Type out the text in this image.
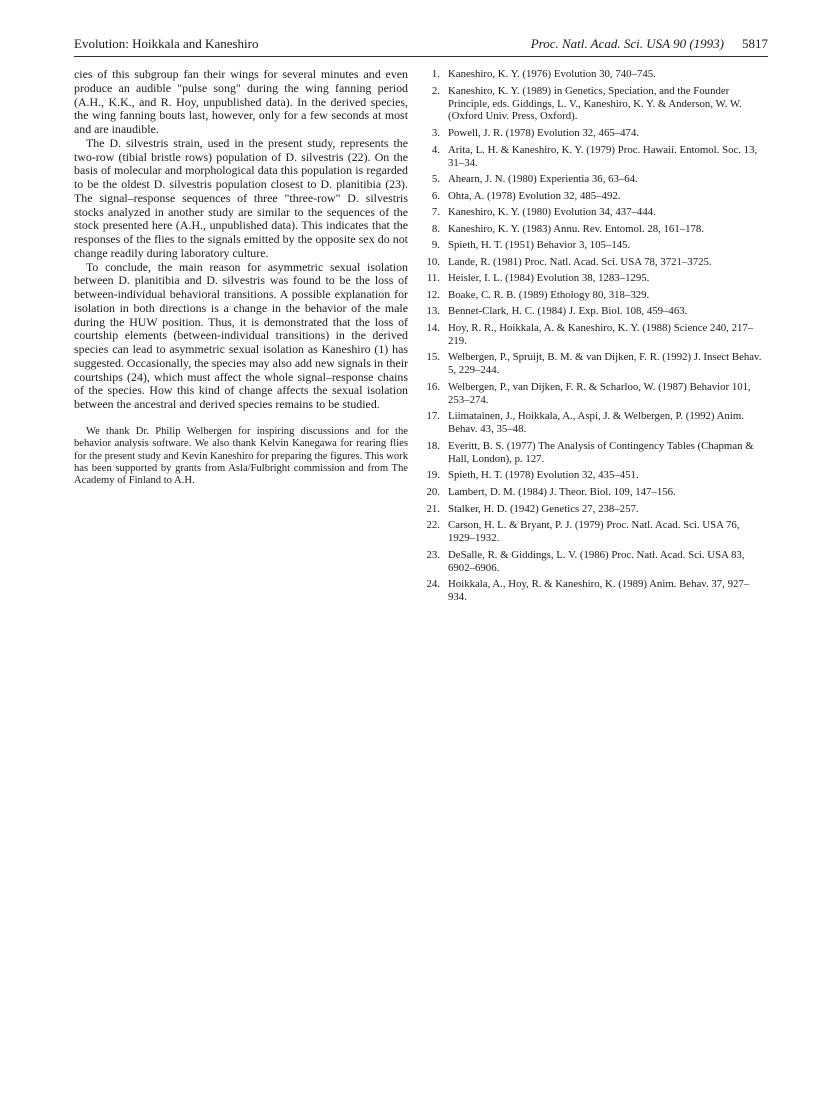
Evolution: Hoikkala and Kaneshiro	Proc. Natl. Acad. Sci. USA 90 (1993) 5817

cies of this subgroup fan their wings for several minutes and even produce an audible "pulse song" during the wing fanning period (A.H., K.K., and R. Hoy, unpublished data). In the derived species, the wing fanning bouts last, however, only for a few seconds at most and are inaudible.

The D. silvestris strain, used in the present study, represents the two-row (tibial bristle rows) population of D. silvestris (22). On the basis of molecular and morphological data this population is regarded to be the oldest D. silvestris population closest to D. planitibia (23). The signal–response sequences of three "three-row" D. silvestris stocks analyzed in another study are similar to the sequences of the stock presented here (A.H., unpublished data). This indicates that the responses of the flies to the signals emitted by the opposite sex do not change readily during laboratory culture.

To conclude, the main reason for asymmetric sexual isolation between D. planitibia and D. silvestris was found to be the loss of between-individual behavioral transitions. A possible explanation for isolation in both directions is a change in the behavior of the male during the HUW position. Thus, it is demonstrated that the loss of courtship elements (between-individual transitions) in the derived species can lead to asymmetric sexual isolation as Kaneshiro (1) has suggested. Occasionally, the species may also add new signals in their courtships (24), which must affect the whole signal–response chains of the species. How this kind of change affects the sexual isolation between the ancestral and derived species remains to be studied.

We thank Dr. Philip Welbergen for inspiring discussions and for the behavior analysis software. We also thank Kelvin Kanegawa for rearing flies for the present study and Kevin Kaneshiro for preparing the figures. This work has been supported by grants from Asla/Fulbright commission and from The Academy of Finland to A.H.

1. Kaneshiro, K. Y. (1976) Evolution 30, 740–745.
2. Kaneshiro, K. Y. (1989) in Genetics, Speciation, and the Founder Principle, eds. Giddings, L. V., Kaneshiro, K. Y. & Anderson, W. W. (Oxford Univ. Press, Oxford).
3. Powell, J. R. (1978) Evolution 32, 465–474.
4. Arita, L. H. & Kaneshiro, K. Y. (1979) Proc. Hawaii. Entomol. Soc. 13, 31–34.
5. Ahearn, J. N. (1980) Experientia 36, 63–64.
6. Ohta, A. (1978) Evolution 32, 485–492.
7. Kaneshiro, K. Y. (1980) Evolution 34, 437–444.
8. Kaneshiro, K. Y. (1983) Annu. Rev. Entomol. 28, 161–178.
9. Spieth, H. T. (1951) Behavior 3, 105–145.
10. Lande, R. (1981) Proc. Natl. Acad. Sci. USA 78, 3721–3725.
11. Heisler, I. L. (1984) Evolution 38, 1283–1295.
12. Boake, C. R. B. (1989) Ethology 80, 318–329.
13. Bennet-Clark, H. C. (1984) J. Exp. Biol. 108, 459–463.
14. Hoy, R. R., Hoikkala, A. & Kaneshiro, K. Y. (1988) Science 240, 217–219.
15. Welbergen, P., Spruijt, B. M. & van Dijken, F. R. (1992) J. Insect Behav. 5, 229–244.
16. Welbergen, P., van Dijken, F. R. & Scharloo, W. (1987) Behavior 101, 253–274.
17. Liimatainen, J., Hoikkala, A., Aspi, J. & Welbergen, P. (1992) Anim. Behav. 43, 35–48.
18. Everitt, B. S. (1977) The Analysis of Contingency Tables (Chapman & Hall, London), p. 127.
19. Spieth, H. T. (1978) Evolution 32, 435–451.
20. Lambert, D. M. (1984) J. Theor. Biol. 109, 147–156.
21. Stalker, H. D. (1942) Genetics 27, 238–257.
22. Carson, H. L. & Bryant, P. J. (1979) Proc. Natl. Acad. Sci. USA 76, 1929–1932.
23. DeSalle, R. & Giddings, L. V. (1986) Proc. Natl. Acad. Sci. USA 83, 6902–6906.
24. Hoikkala, A., Hoy, R. & Kaneshiro, K. (1989) Anim. Behav. 37, 927–934.
